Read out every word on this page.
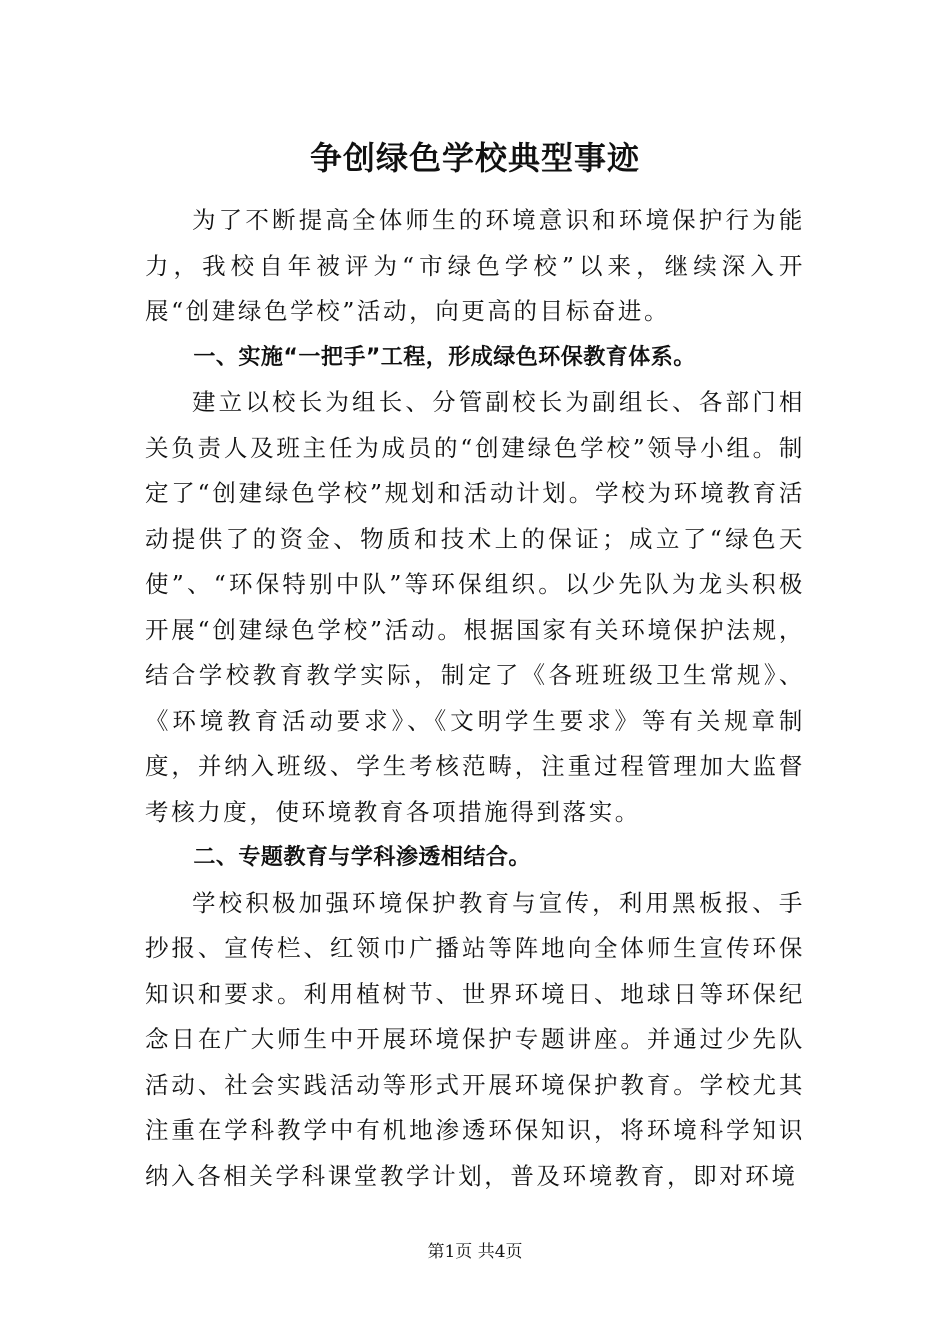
争创绿色学校典型事迹

为了不断提高全体师生的环境意识和环境保护行为能力，我校自年被评为“市绿色学校”以来，继续深入开展“创建绿色学校”活动，向更高的目标奋进。

一、实施“一把手”工程，形成绿色环保教育体系。

建立以校长为组长、分管副校长为副组长、各部门相关负责人及班主任为成员的“创建绿色学校”领导小组。制定了“创建绿色学校”规划和活动计划。学校为环境教育活动提供了的资金、物质和技术上的保证；成立了“绿色天使”、“环保特别中队”等环保组织。以少先队为龙头积极开展“创建绿色学校”活动。根据国家有关环境保护法规，结合学校教育教学实际，制定了《各班班级卫生常规》、《环境教育活动要求》、《文明学生要求》等有关规章制度，并纳入班级、学生考核范畴，注重过程管理加大监督考核力度，使环境教育各项措施得到落实。

二、专题教育与学科渗透相结合。

学校积极加强环境保护教育与宣传，利用黑板报、手抄报、宣传栏、红领巾广播站等阵地向全体师生宣传环保知识和要求。利用植树节、世界环境日、地球日等环保纪念日在广大师生中开展环境保护专题讲座。并通过少先队活动、社会实践活动等形式开展环境保护教育。学校尤其注重在学科教学中有机地渗透环保知识，将环境科学知识纳入各相关学科课堂教学计划，普及环境教育，即对环境

第1页 共4页
